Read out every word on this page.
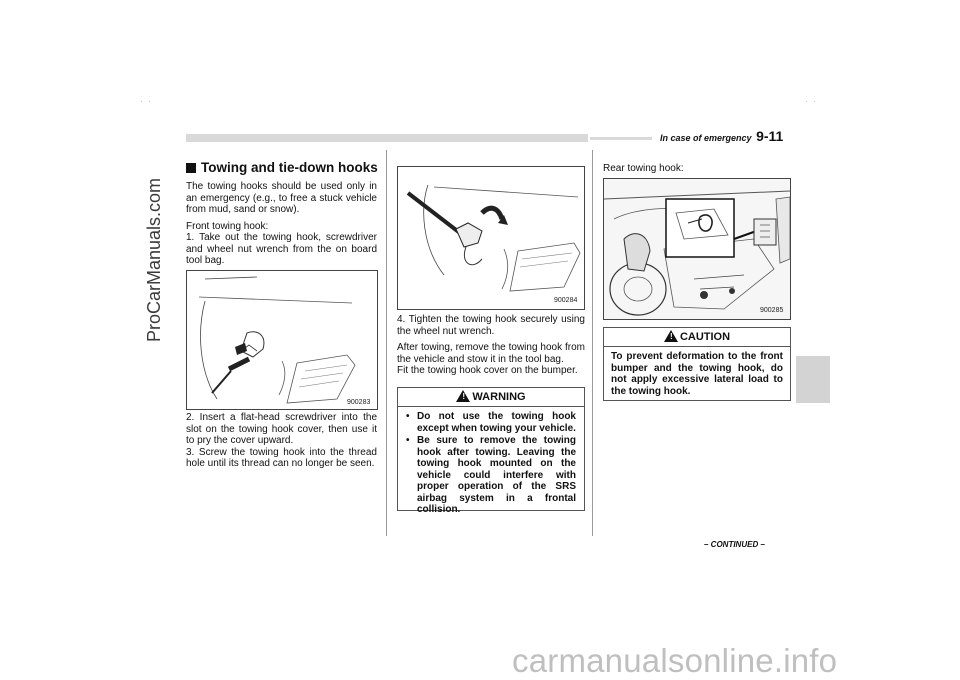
·  ·	·  ·
ProCarManuals.com
In case of emergency 9-11
Towing and tie-down hooks

The towing hooks should be used only in an emergency (e.g., to free a stuck vehicle from mud, sand or snow).

Front towing hook:

1. Take out the towing hook, screwdriver and wheel nut wrench from the on board tool bag.

900283

2. Insert a flat-head screwdriver into the slot on the towing hook cover, then use it to pry the cover upward.

3. Screw the towing hook into the thread hole until its thread can no longer be seen.

900284

4. Tighten the towing hook securely using the wheel nut wrench.

After towing, remove the towing hook from the vehicle and stow it in the tool bag.

Fit the towing hook cover on the bumper.

! WARNING
• Do not use the towing hook except when towing your vehicle.
• Be sure to remove the towing hook after towing. Leaving the towing hook mounted on the vehicle could interfere with proper operation of the SRS airbag system in a frontal collision.
Rear towing hook:
900285
! CAUTION
To prevent deformation to the front bumper and the towing hook, do not apply excessive lateral load to the towing hook.
– CONTINUED –
carmanualsonline.info
